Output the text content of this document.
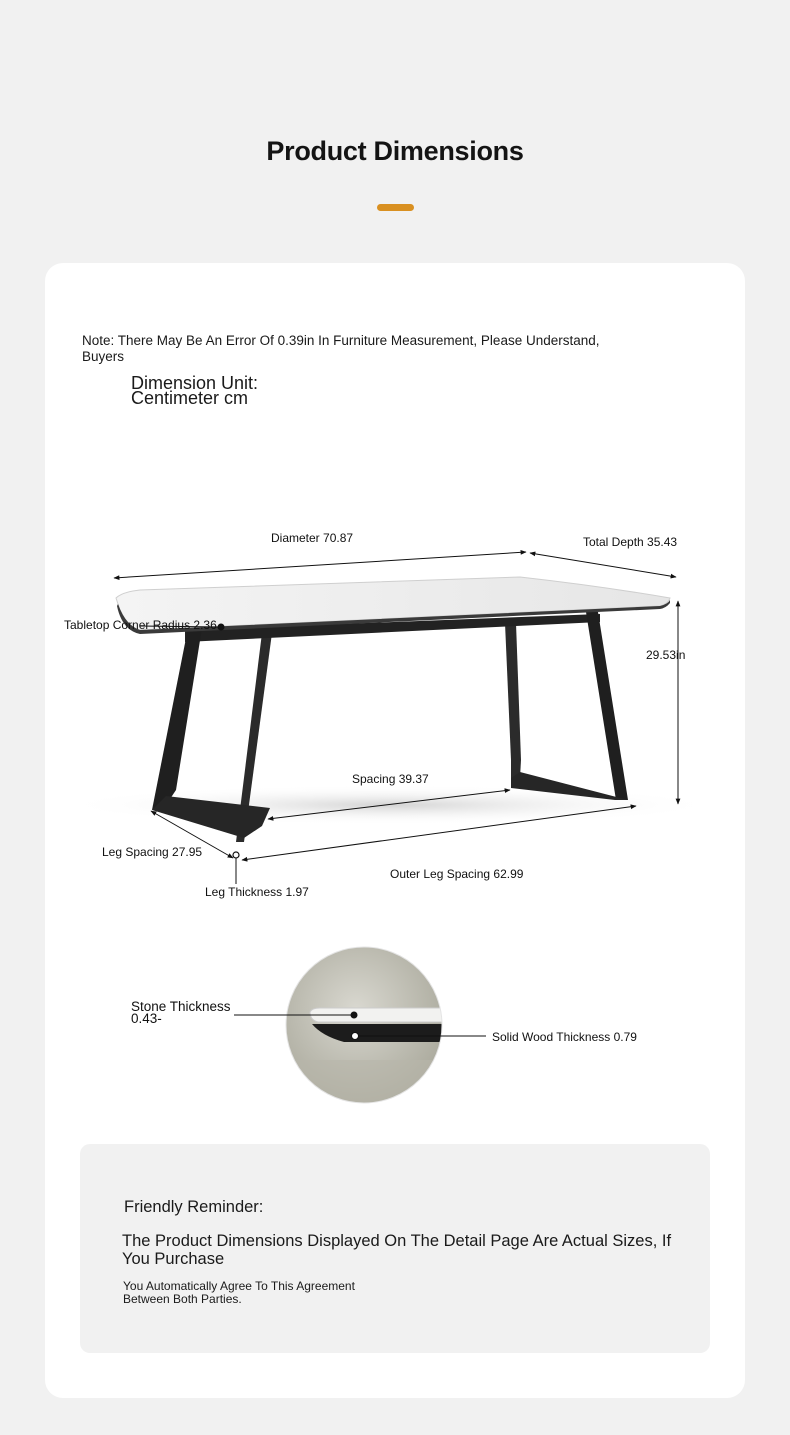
Product Dimensions
Note: There May Be An Error Of 0.39in In Furniture Measurement, Please Understand, Buyers
Dimension Unit:
Centimeter cm
Diameter 70.87	Total Depth 35.43
Tabletop Corner Radius 2.36
29.53in
Spacing 39.37
Leg Spacing 27.95
Outer Leg Spacing 62.99
Leg Thickness 1.97
Stone Thickness
0.43-
Solid Wood Thickness 0.79
Friendly Reminder:
The Product Dimensions Displayed On The Detail Page Are Actual Sizes, If You Purchase
You Automatically Agree To This Agreement Between Both Parties.
